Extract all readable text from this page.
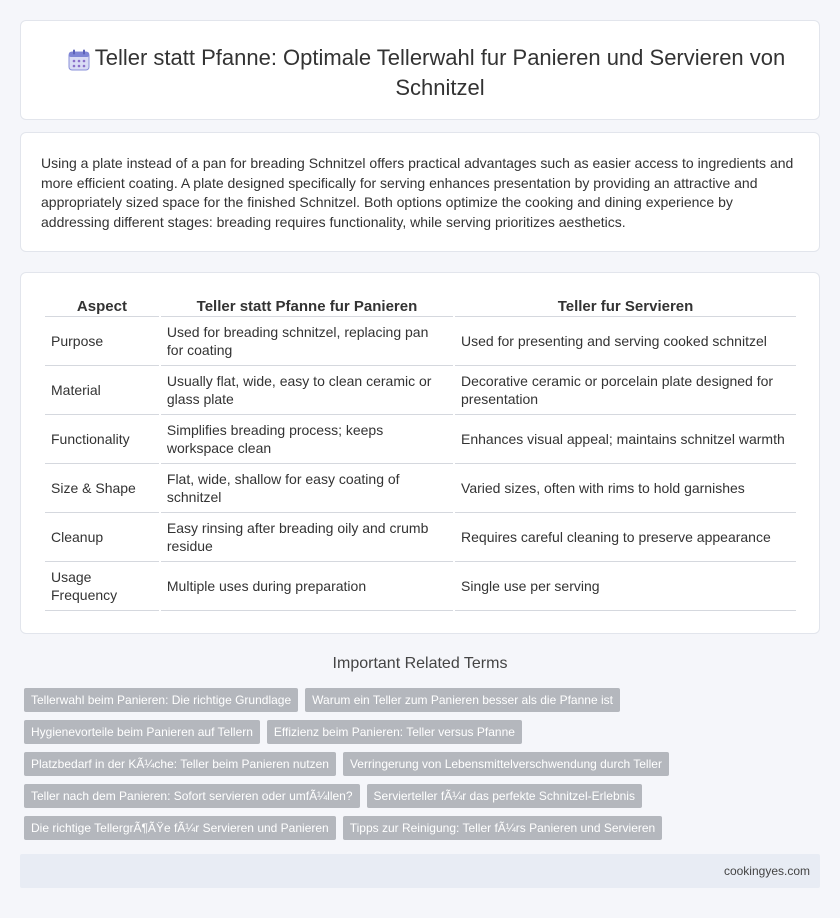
Teller statt Pfanne: Optimale Tellerwahl fur Panieren und Servieren von Schnitzel

Using a plate instead of a pan for breading Schnitzel offers practical advantages such as easier access to ingredients and more efficient coating. A plate designed specifically for serving enhances presentation by providing an attractive and appropriately sized space for the finished Schnitzel. Both options optimize the cooking and dining experience by addressing different stages: breading requires functionality, while serving prioritizes aesthetics.

Aspect	Teller statt Pfanne fur Panieren	Teller fur Servieren
Purpose	Used for breading schnitzel, replacing pan for coating	Used for presenting and serving cooked schnitzel
Material	Usually flat, wide, easy to clean ceramic or glass plate	Decorative ceramic or porcelain plate designed for presentation
Functionality	Simplifies breading process; keeps workspace clean	Enhances visual appeal; maintains schnitzel warmth
Size & Shape	Flat, wide, shallow for easy coating of schnitzel	Varied sizes, often with rims to hold garnishes
Cleanup	Easy rinsing after breading oily and crumb residue	Requires careful cleaning to preserve appearance
Usage Frequency	Multiple uses during preparation	Single use per serving
Important Related Terms
Tellerwahl beim Panieren: Die richtige Grundlage	Warum ein Teller zum Panieren besser als die Pfanne ist
Hygienevorteile beim Panieren auf Tellern	Effizienz beim Panieren: Teller versus Pfanne
Platzbedarf in der KÃ¼che: Teller beim Panieren nutzen	Verringerung von Lebensmittelverschwendung durch Teller
Teller nach dem Panieren: Sofort servieren oder umfÃ¼llen?	Servierteller fÃ¼r das perfekte Schnitzel-Erlebnis
Die richtige TellergrÃ¶ÃŸe fÃ¼r Servieren und Panieren	Tipps zur Reinigung: Teller fÃ¼rs Panieren und Servieren
cookingyes.com
